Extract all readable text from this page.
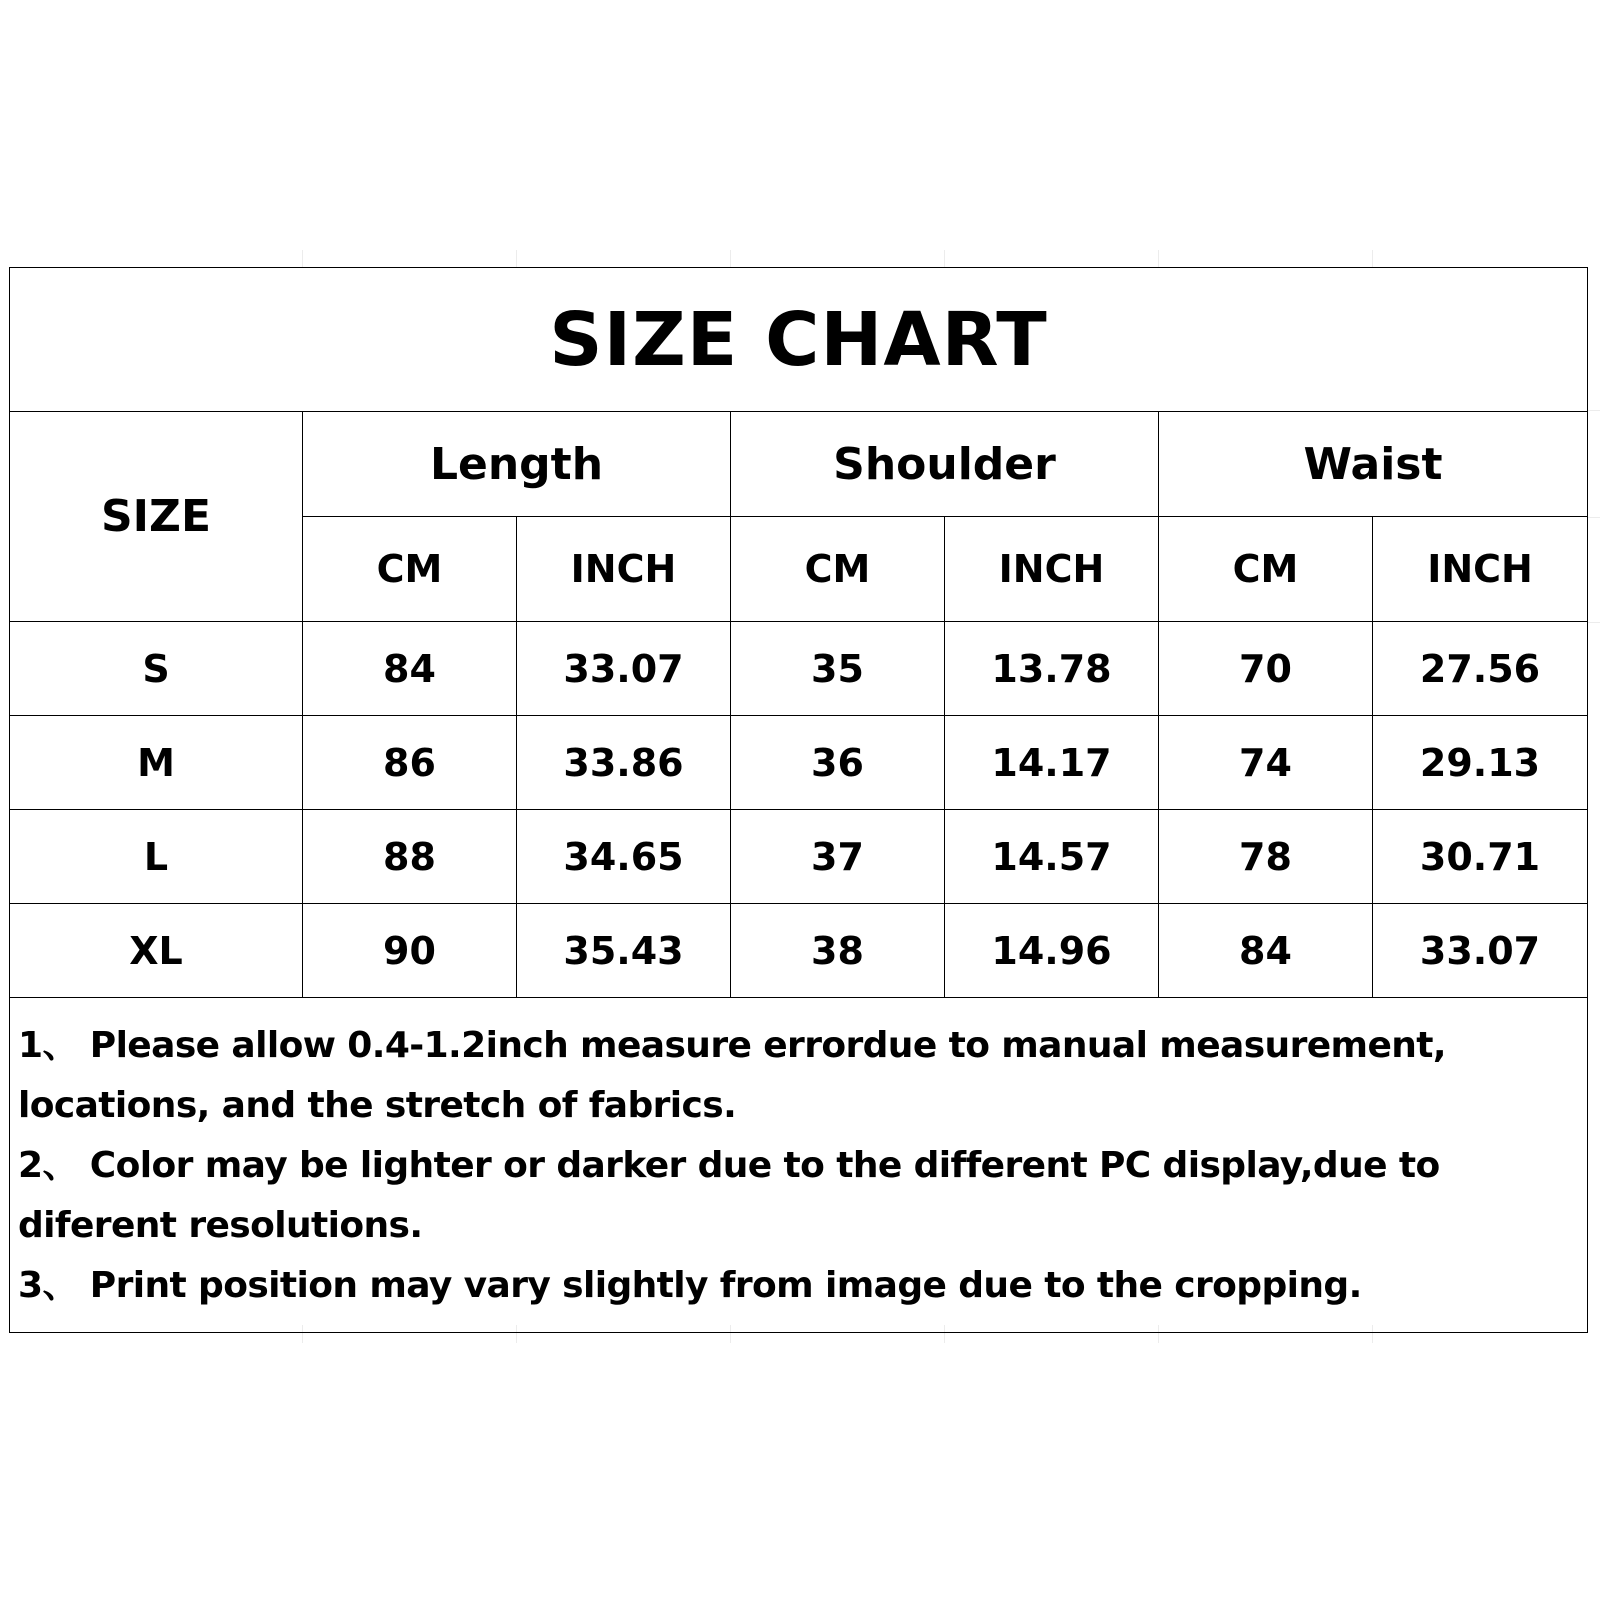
SIZE CHART						
SIZE	Length		Shoulder		Waist	
	CM	INCH	CM	INCH	CM	INCH
S	84	33.07	35	13.78	70	27.56
M	86	33.86	36	14.17	74	29.13
L	88	34.65	37	14.57	78	30.71
XL	90	35.43	38	14.96	84	33.07

1、 Please allow 0.4-1.2inch measure errordue to manual measurement, locations, and the stretch of fabrics.
2、 Color may be lighter or darker due to the different PC display,due to diferent resolutions.
3、 Print position may vary slightly from image due to the cropping.						
